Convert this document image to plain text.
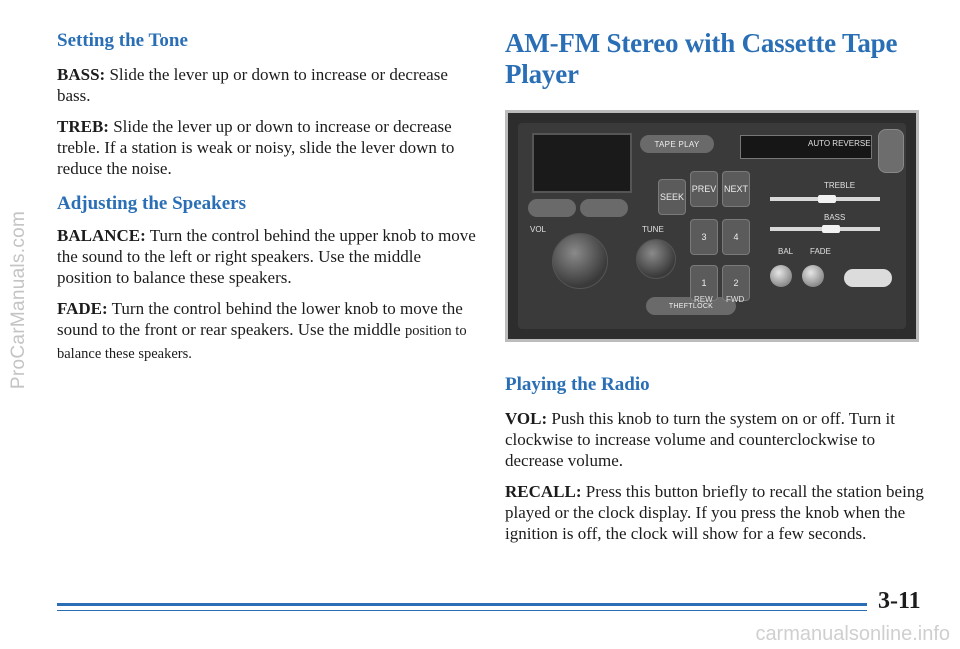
ProCarManuals.com
Setting the Tone

BASS: Slide the lever up or down to increase or decrease bass.

TREB: Slide the lever up or down to increase or decrease treble. If a station is weak or noisy, slide the lever down to reduce the noise.

Adjusting the Speakers

BALANCE: Turn the control behind the upper knob to move the sound to the left or right speakers. Use the middle position to balance these speakers.

FADE: Turn the control behind the lower knob to move the sound to the front or rear speakers. Use the middle position to balance these speakers.

AM-FM Stereo with Cassette Tape Player
TAPE PLAY	AUTO REVERSE
VOL	TUNE
THEFTLOCK
SEEK
PREV NEXT
3	4
1	2
REW FWD
TREBLE
BASS
BAL FADE
Playing the Radio

VOL: Push this knob to turn the system on or off. Turn it clockwise to increase volume and counterclockwise to decrease volume.

RECALL: Press this button briefly to recall the station being played or the clock display. If you press the knob when the ignition is off, the clock will show for a few seconds.

3-11
carmanualsonline.info
